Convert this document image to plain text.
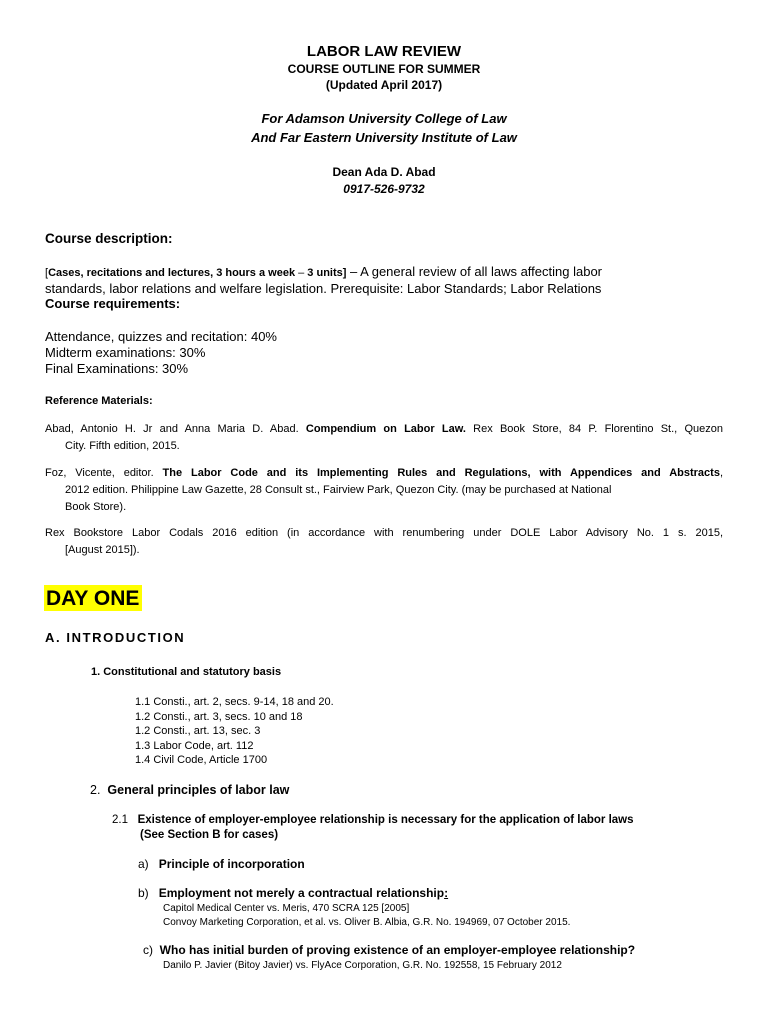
LABOR LAW REVIEW
COURSE OUTLINE FOR SUMMER
(Updated April 2017)
For Adamson University College of Law
And Far Eastern University Institute of Law
Dean Ada D. Abad
0917-526-9732
Course description:
[Cases, recitations and lectures, 3 hours a week – 3 units] – A general review of all laws affecting labor
standards, labor relations and welfare legislation. Prerequisite: Labor Standards; Labor Relations
Course requirements:
Attendance, quizzes and recitation: 40%
Midterm examinations: 30%
Final Examinations: 30%
Reference Materials:
Abad, Antonio H. Jr and Anna Maria D. Abad. Compendium on Labor Law. Rex Book Store, 84 P. Florentino St., Quezon
City. Fifth edition, 2015.
Foz, Vicente, editor. The Labor Code and its Implementing Rules and Regulations, with Appendices and Abstracts,
2012 edition. Philippine Law Gazette, 28 Consult st., Fairview Park, Quezon City. (may be purchased at National
Book Store).
Rex Bookstore Labor Codals 2016 edition (in accordance with renumbering under DOLE Labor Advisory No. 1 s. 2015,
[August 2015]).
DAY ONE
A. INTRODUCTION
1. Constitutional and statutory basis
1.1 Consti., art. 2, secs. 9-14, 18 and 20.
1.2 Consti., art. 3, secs. 10 and 18
1.2 Consti., art. 13, sec. 3
1.3 Labor Code, art. 112
1.4 Civil Code, Article 1700
2. General principles of labor law
2.1 Existence of employer-employee relationship is necessary for the application of labor laws
(See Section B for cases)
a) Principle of incorporation
b) Employment not merely a contractual relationship:
Capitol Medical Center vs. Meris, 470 SCRA 125 [2005]
Convoy Marketing Corporation, et al. vs. Oliver B. Albia, G.R. No. 194969, 07 October 2015.
c) Who has initial burden of proving existence of an employer-employee relationship?
Danilo P. Javier (Bitoy Javier) vs. FlyAce Corporation, G.R. No. 192558, 15 February 2012
